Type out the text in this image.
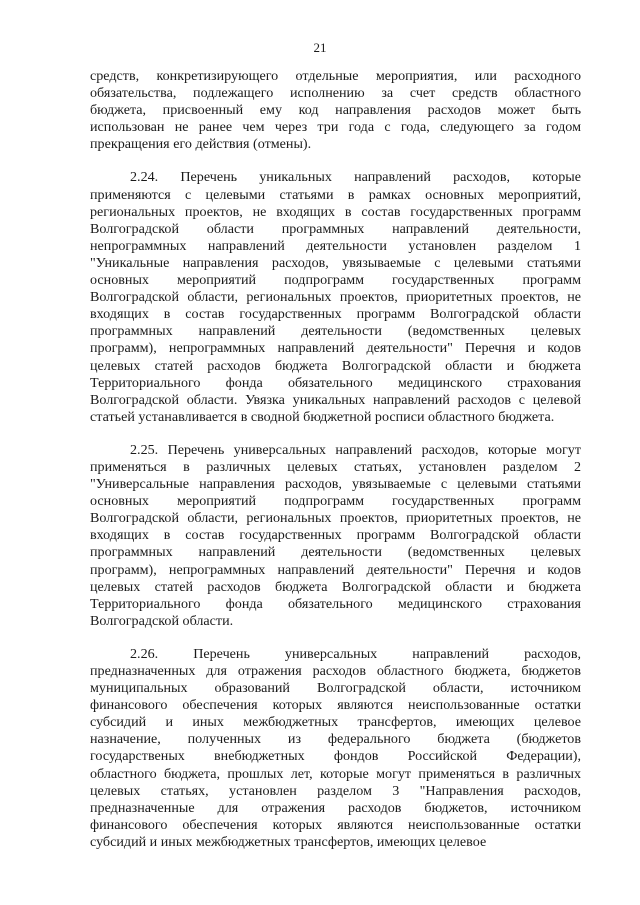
21

средств, конкретизирующего отдельные мероприятия, или расходного
обязательства, подлежащего исполнению за счет средств областного
бюджета, присвоенный ему код направления расходов может быть
использован не ранее чем через три года с года, следующего за годом
прекращения его действия (отмены).

2.24. Перечень уникальных направлений расходов, которые
применяются с целевыми статьями в рамках основных мероприятий,
региональных проектов, не входящих в состав государственных программ
Волгоградской области программных направлений деятельности,
непрограммных направлений деятельности установлен разделом 1
"Уникальные направления расходов, увязываемые с целевыми статьями
основных мероприятий подпрограмм государственных программ
Волгоградской области, региональных проектов, приоритетных проектов, не
входящих в состав государственных программ Волгоградской области
программных направлений деятельности (ведомственных целевых
программ), непрограммных направлений деятельности" Перечня и кодов
целевых статей расходов бюджета Волгоградской области и бюджета
Территориального фонда обязательного медицинского страхования
Волгоградской области. Увязка уникальных направлений расходов с целевой
статьей устанавливается в сводной бюджетной росписи областного бюджета.

2.25. Перечень универсальных направлений расходов, которые могут
применяться в различных целевых статьях, установлен разделом 2
"Универсальные направления расходов, увязываемые с целевыми статьями
основных мероприятий подпрограмм государственных программ
Волгоградской области, региональных проектов, приоритетных проектов, не
входящих в состав государственных программ Волгоградской области
программных направлений деятельности (ведомственных целевых
программ), непрограммных направлений деятельности" Перечня и кодов
целевых статей расходов бюджета Волгоградской области и бюджета
Территориального фонда обязательного медицинского страхования
Волгоградской области.

2.26. Перечень универсальных направлений расходов,
предназначенных для отражения расходов областного бюджета, бюджетов
муниципальных образований Волгоградской области, источником
финансового обеспечения которых являются неиспользованные остатки
субсидий и иных межбюджетных трансфертов, имеющих целевое
назначение, полученных из федерального бюджета (бюджетов
государственых внебюджетных фондов Российской Федерации),
областного бюджета, прошлых лет, которые могут применяться в различных
целевых статьях, установлен разделом 3 "Направления расходов,
предназначенные для отражения расходов бюджетов, источником
финансового обеспечения которых являются неиспользованные остатки
субсидий и иных межбюджетных трансфертов, имеющих целевое
